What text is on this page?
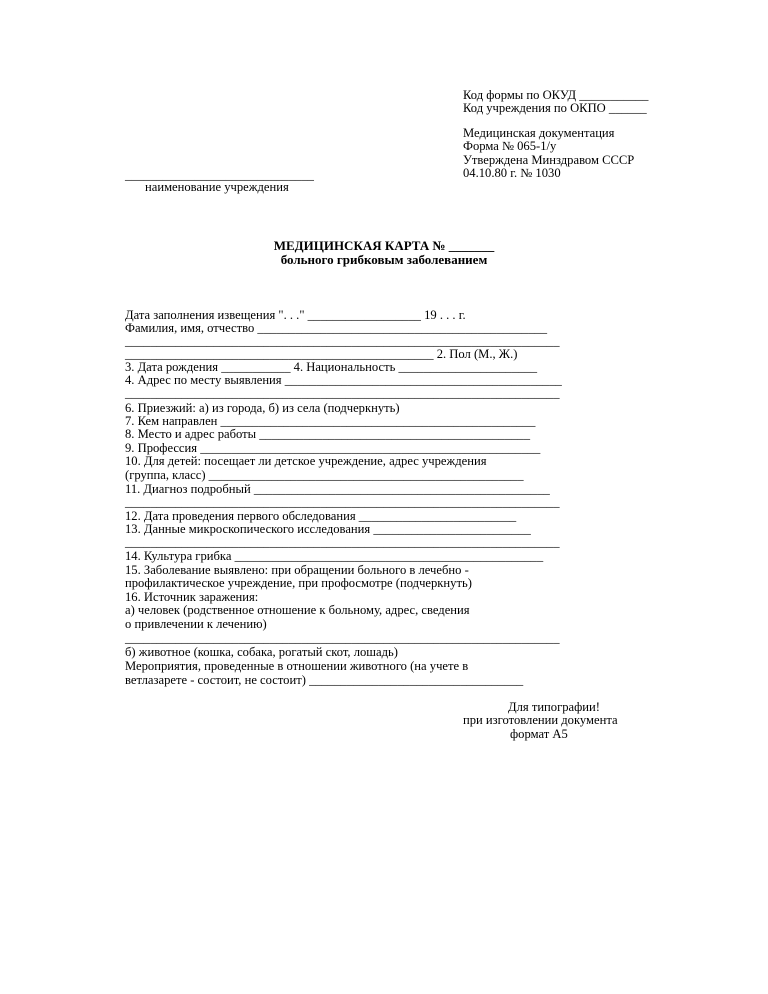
Код формы по ОКУД ___________
Код учреждения по ОКПО ______
Медицинская документация
Форма № 065-1/у
Утверждена Минздравом СССР
04.10.80 г. № 1030
______________________________
наименование учреждения
МЕДИЦИНСКАЯ КАРТА № _______
больного грибковым заболеванием
Дата заполнения извещения ". . ." __________________ 19 . . . г.
Фамилия, имя, отчество ______________________________________________
_____________________________________________________________________
_________________________________________________ 2. Пол (М., Ж.)
3. Дата рождения ___________ 4. Национальность ______________________
4. Адрес по месту выявления ____________________________________________
_____________________________________________________________________
6. Приезжий: а) из города, б) из села (подчеркнуть)
7. Кем направлен __________________________________________________
8. Место и адрес работы ___________________________________________
9. Профессия ______________________________________________________
10. Для детей: посещает ли детское учреждение, адрес учреждения
(группа, класс) __________________________________________________
11. Диагноз подробный _______________________________________________
_____________________________________________________________________
12. Дата проведения первого обследования _________________________
13. Данные микроскопического исследования _________________________
_____________________________________________________________________
14. Культура грибка _________________________________________________
15. Заболевание выявлено: при обращении больного в лечебно -
профилактическое учреждение, при профосмотре (подчеркнуть)
16. Источник заражения:
а) человек (родственное отношение к больному, адрес, сведения
о привлечении к лечению)
_____________________________________________________________________
б) животное (кошка, собака, рогатый скот, лошадь)
Мероприятия, проведенные в отношении животного (на учете в
ветлазарете - состоит, не состоит) __________________________________
Для типографии!
при изготовлении документа
формат А5
